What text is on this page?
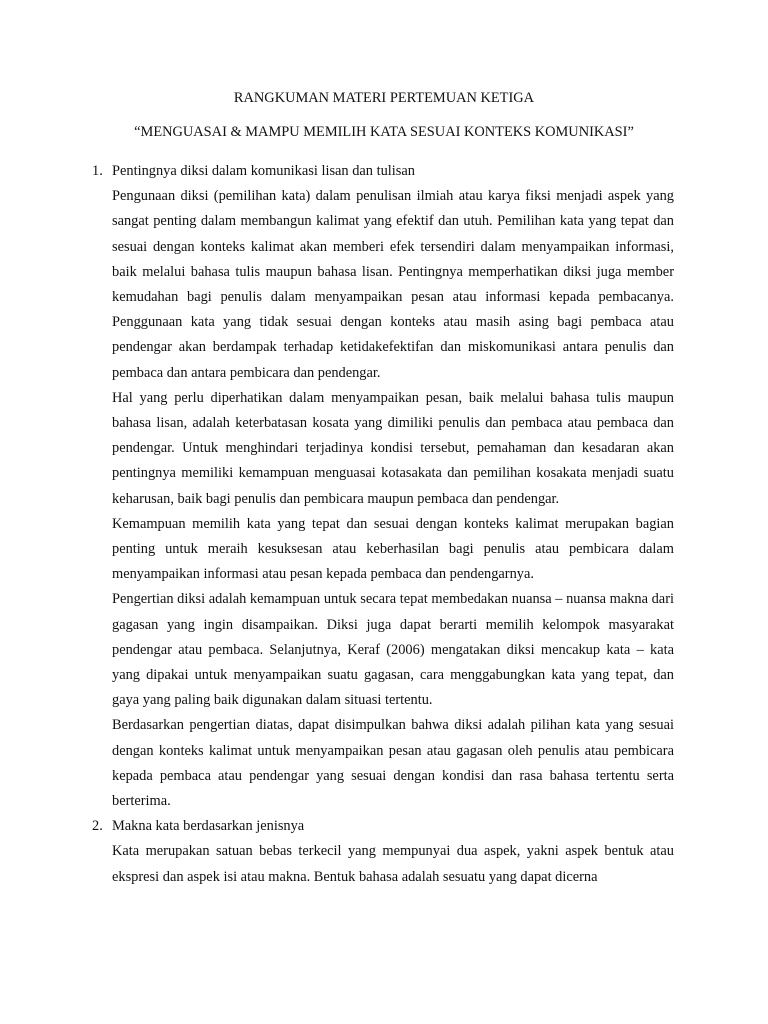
RANGKUMAN MATERI PERTEMUAN KETIGA
“MENGUASAI & MAMPU MEMILIH KATA SESUAI KONTEKS KOMUNIKASI”
1. Pentingnya diksi dalam komunikasi lisan dan tulisan

Pengunaan diksi (pemilihan kata) dalam penulisan ilmiah atau karya fiksi menjadi aspek yang sangat penting dalam membangun kalimat yang efektif dan utuh. Pemilihan kata yang tepat dan sesuai dengan konteks kalimat akan memberi efek tersendiri dalam menyampaikan informasi, baik melalui bahasa tulis maupun bahasa lisan. Pentingnya memperhatikan diksi juga member kemudahan bagi penulis dalam menyampaikan pesan atau informasi kepada pembacanya. Penggunaan kata yang tidak sesuai dengan konteks atau masih asing bagi pembaca atau pendengar akan berdampak terhadap ketidakefektifan dan miskomunikasi antara penulis dan pembaca dan antara pembicara dan pendengar.

Hal yang perlu diperhatikan dalam menyampaikan pesan, baik melalui bahasa tulis maupun bahasa lisan, adalah keterbatasan kosata yang dimiliki penulis dan pembaca atau pembaca dan pendengar. Untuk menghindari terjadinya kondisi tersebut, pemahaman dan kesadaran akan pentingnya memiliki kemampuan menguasai kotasakata dan pemilihan kosakata menjadi suatu keharusan, baik bagi penulis dan pembicara maupun pembaca dan pendengar.

Kemampuan memilih kata yang tepat dan sesuai dengan konteks kalimat merupakan bagian penting untuk meraih kesuksesan atau keberhasilan bagi penulis atau pembicara dalam menyampaikan informasi atau pesan kepada pembaca dan pendengarnya.

Pengertian diksi adalah kemampuan untuk secara tepat membedakan nuansa – nuansa makna dari gagasan yang ingin disampaikan. Diksi juga dapat berarti memilih kelompok masyarakat pendengar atau pembaca. Selanjutnya, Keraf (2006) mengatakan diksi mencakup kata – kata yang dipakai untuk menyampaikan suatu gagasan, cara menggabungkan kata yang tepat, dan gaya yang paling baik digunakan dalam situasi tertentu.

Berdasarkan pengertian diatas, dapat disimpulkan bahwa diksi adalah pilihan kata yang sesuai dengan konteks kalimat untuk menyampaikan pesan atau gagasan oleh penulis atau pembicara kepada pembaca atau pendengar yang sesuai dengan kondisi dan rasa bahasa tertentu serta berterima.

2. Makna kata berdasarkan jenisnya

Kata merupakan satuan bebas terkecil yang mempunyai dua aspek, yakni aspek bentuk atau ekspresi dan aspek isi atau makna. Bentuk bahasa adalah sesuatu yang dapat dicerna
